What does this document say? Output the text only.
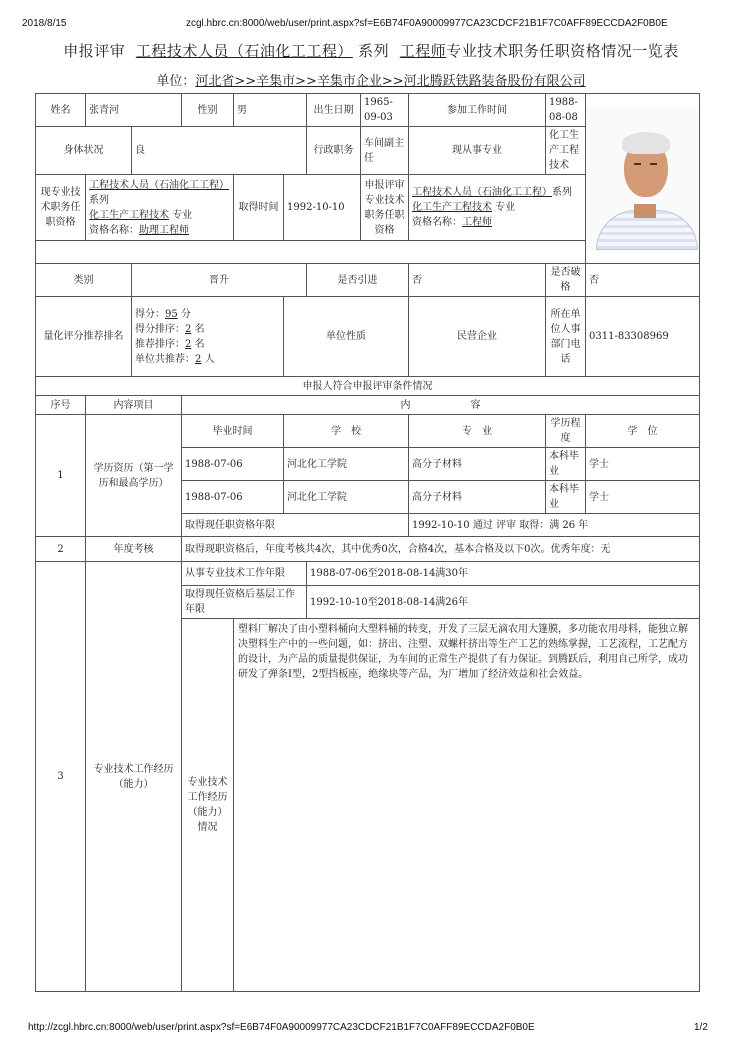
2018/8/15	zcgl.hbrc.cn:8000/web/user/print.aspx?sf=E6B74F0A90009977CA23CDCF21B1F7C0AFF89ECCDA2F0B0E
申报评审 工程技术人员（石油化工工程） 系列 工程师专业技术职务任职资格情况一览表
单位：河北省>>辛集市>>辛集市企业>>河北腾跃铁路装备股份有限公司
姓名	张青河		性别	男		出生日期	1965-09-03	参加工作时间	1988-08-08	

身体状况		良				行政职务	车间副主任	现从事专业	化工生产工程技术	
现专业技术职务任职资格	工程技术人员（石油化工工程）系列
化工生产工程技术 专业
资格名称：助理工程师			取得时间	1992-10-10		申报评审专业技术职务任职资格	工程技术人员（石油化工工程）系列
化工生产工程技术 专业
资格名称：工程师		

类别		晋升				是否引进		否	是否破格	否
量化评分推荐排名		得分：95 分
得分排序：2 名
推荐排序：2 名
单位共推荐：2 人			单位性质			民营企业	所在单位人事部门电话	0311-83308969
申报人符合申报评审条件情况										
序号	内容项目		内　　　　　　容							
1	学历资历（第一学历和最高学历）		毕业时间		学　校			专　业	学历程度	学　位
			1988-07-06		河北化工学院			高分子材料	本科毕业	学士
			1988-07-06		河北化工学院			高分子材料	本科毕业	学士
			取得现任职资格年限					1992-10-10 通过 评审 取得：满 26 年		
2	年度考核		取得现职资格后，年度考核共4次，其中优秀0次，合格4次，基本合格及以下0次。优秀年度：无							
3	专业技术工作经历（能力）		从事专业技术工作年限			1988-07-06至2018-08-14满30年				
			取得现任资格后基层工作年限			1992-10-10至2018-08-14满26年				
			专业技术工作经历（能力）情况	塑料厂解决了由小塑料桶向大塑料桶的转变，开发了三层无滴农用大篷膜，多功能农用母料，能独立解决塑料生产中的一些问题，如：挤出、注塑、双螺杆挤出等生产工艺的熟练掌握，工艺流程，工艺配方的设计，为产品的质量提供保证，为车间的正常生产提供了有力保证。到腾跃后，利用自己所学，成功研发了弹条I型，2型挡板座，绝缘块等产品，为厂增加了经济效益和社会效益。						
http://zcgl.hbrc.cn:8000/web/user/print.aspx?sf=E6B74F0A90009977CA23CDCF21B1F7C0AFF89ECCDA2F0B0E	1/2
